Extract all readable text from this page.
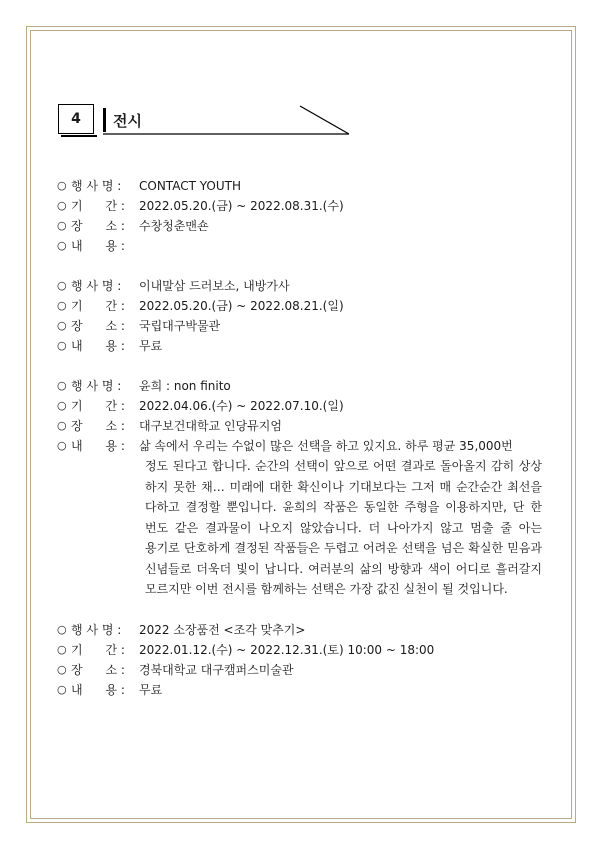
4	전시
○ 행 사 명 :	CONTACT YOUTH
○ 기      간 :	2022.05.20.(금) ~ 2022.08.31.(수)
○ 장      소 :	수창청춘맨숀
○ 내      용 :
○ 행 사 명 :	이내말삼 드러보소, 내방가사
○ 기      간 :	2022.05.20.(금) ~ 2022.08.21.(일)
○ 장      소 :	국립대구박물관
○ 내      용 :	무료
○ 행 사 명 :	윤희 : non finito
○ 기      간 :	2022.04.06.(수) ~ 2022.07.10.(일)
○ 장      소 :	대구보건대학교 인당뮤지엄
○ 내      용 :	삶 속에서 우리는 수없이 많은 선택을 하고 있지요. 하루 평균 35,000번
정도 된다고 합니다. 순간의 선택이 앞으로 어떤 결과로 돌아올지 감히 상상 하지 못한 채… 미래에 대한 확신이나 기대보다는 그저 매 순간순간 최선을 다하고 결정할 뿐입니다. 윤희의 작품은 동일한 주형을 이용하지만, 단 한 번도 같은 결과물이 나오지 않았습니다. 더 나아가지 않고 멈출 줄 아는 용기로 단호하게 결정된 작품들은 두렵고 어려운 선택을 넘은 확실한 믿음과 신념들로 더욱더 빛이 납니다. 여러분의 삶의 방향과 색이 어디로 흘러갈지 모르지만 이번 전시를 함께하는 선택은 가장 값진 실천이 될 것입니다.
○ 행 사 명 :	2022 소장품전 <조각 맞추기>
○ 기      간 :	2022.01.12.(수) ~ 2022.12.31.(토) 10:00 ~ 18:00
○ 장      소 :	경북대학교 대구캠퍼스미술관
○ 내      용 :	무료
